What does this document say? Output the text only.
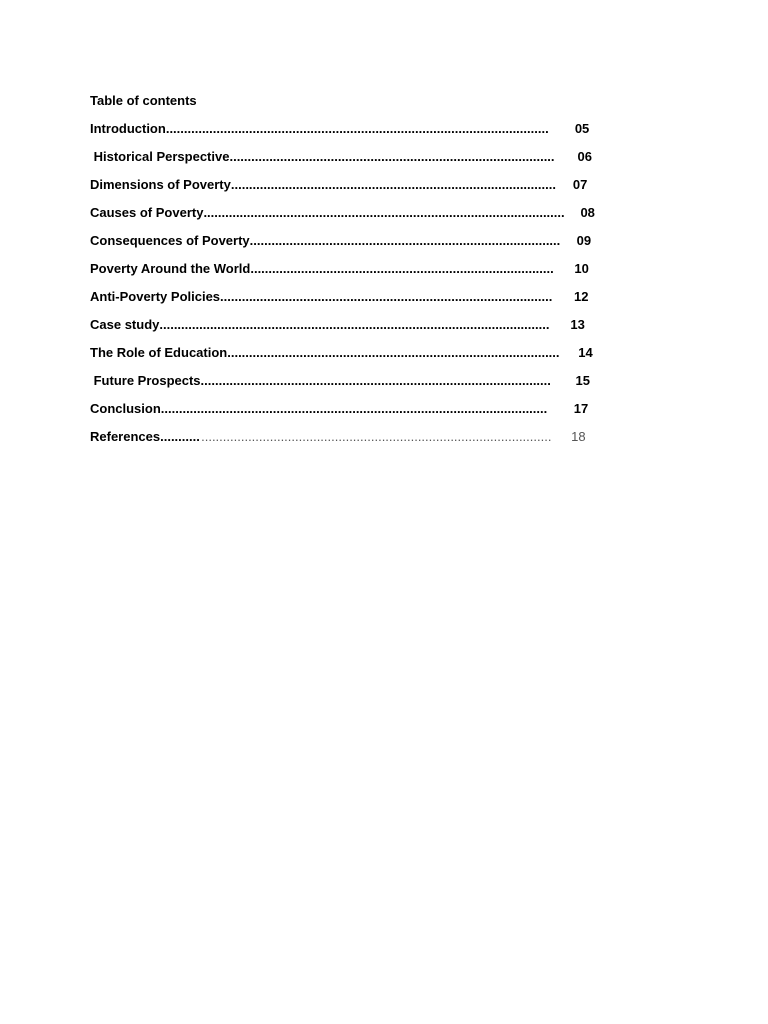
Table of contents
Introduction.......................................................................................................... 05
Historical Perspective.......................................................................................... 06
Dimensions of Poverty.......................................................................................... 07
Causes of Poverty.................................................................................................... 08
Consequences of Poverty...................................................................................... 09
Poverty Around the World.................................................................................... 10
Anti-Poverty Policies............................................................................................ 12
Case study............................................................................................................ 13
The Role of Education............................................................................................ 14
Future Prospects................................................................................................. 15
Conclusion........................................................................................................... 17
References............................................................................................................ 18
